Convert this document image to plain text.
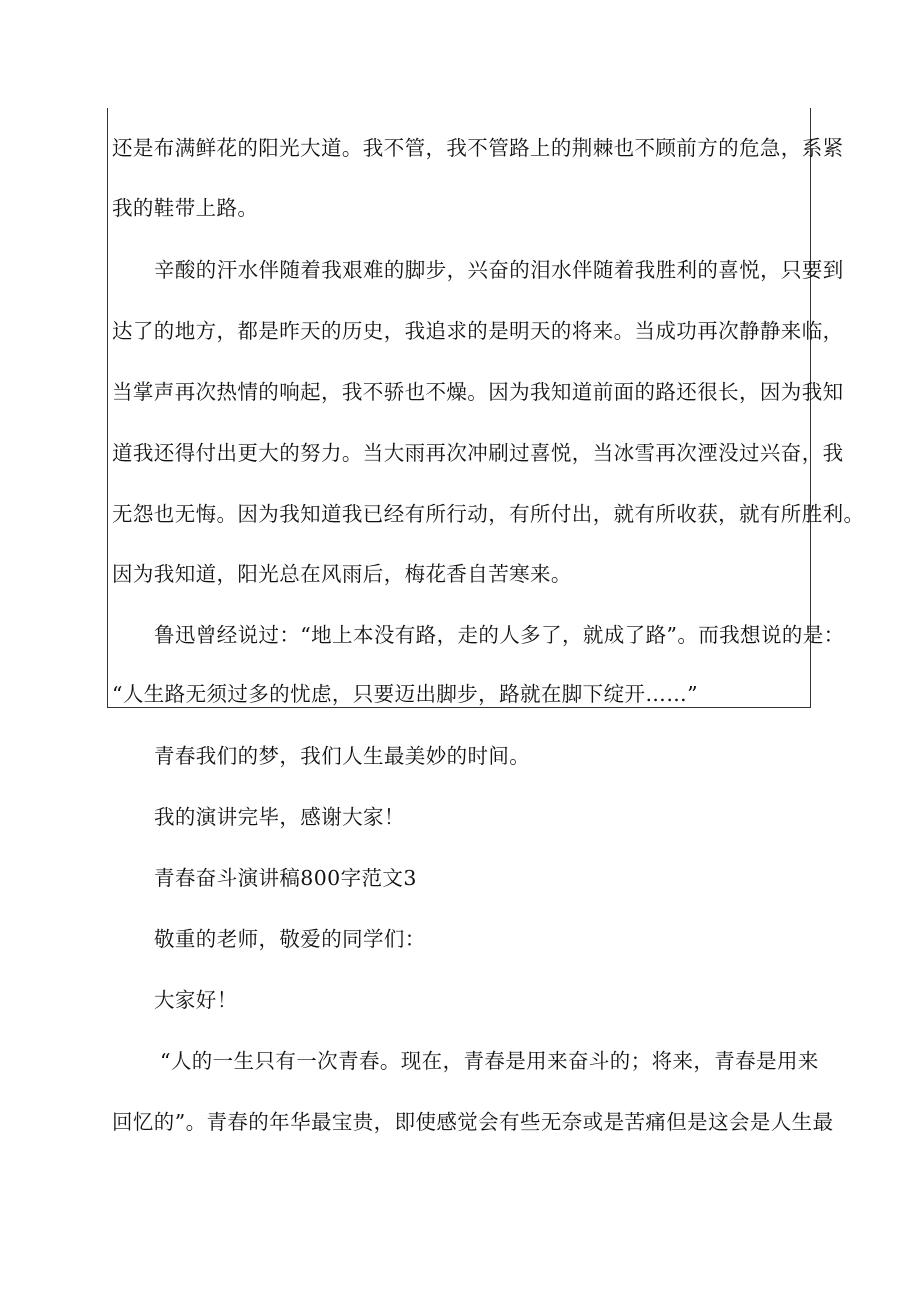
还是布满鲜花的阳光大道。我不管，我不管路上的荆棘也不顾前方的危急，系紧
我的鞋带上路。
辛酸的汗水伴随着我艰难的脚步，兴奋的泪水伴随着我胜利的喜悦，只要到
达了的地方，都是昨天的历史，我追求的是明天的将来。当成功再次静静来临，
当掌声再次热情的响起，我不骄也不燥。因为我知道前面的路还很长，因为我知
道我还得付出更大的努力。当大雨再次冲刷过喜悦，当冰雪再次湮没过兴奋，我
无怨也无悔。因为我知道我已经有所行动，有所付出，就有所收获，就有所胜利。
因为我知道，阳光总在风雨后，梅花香自苦寒来。
鲁迅曾经说过：“地上本没有路，走的人多了，就成了路”。而我想说的是：
“人生路无须过多的忧虑，只要迈出脚步，路就在脚下绽开……”
青春我们的梦，我们人生最美妙的时间。
我的演讲完毕，感谢大家！
青春奋斗演讲稿800字范文3
敬重的老师，敬爱的同学们：
大家好！
“人的一生只有一次青春。现在，青春是用来奋斗的；将来，青春是用来
回忆的”。青春的年华最宝贵，即使感觉会有些无奈或是苦痛但是这会是人生最
